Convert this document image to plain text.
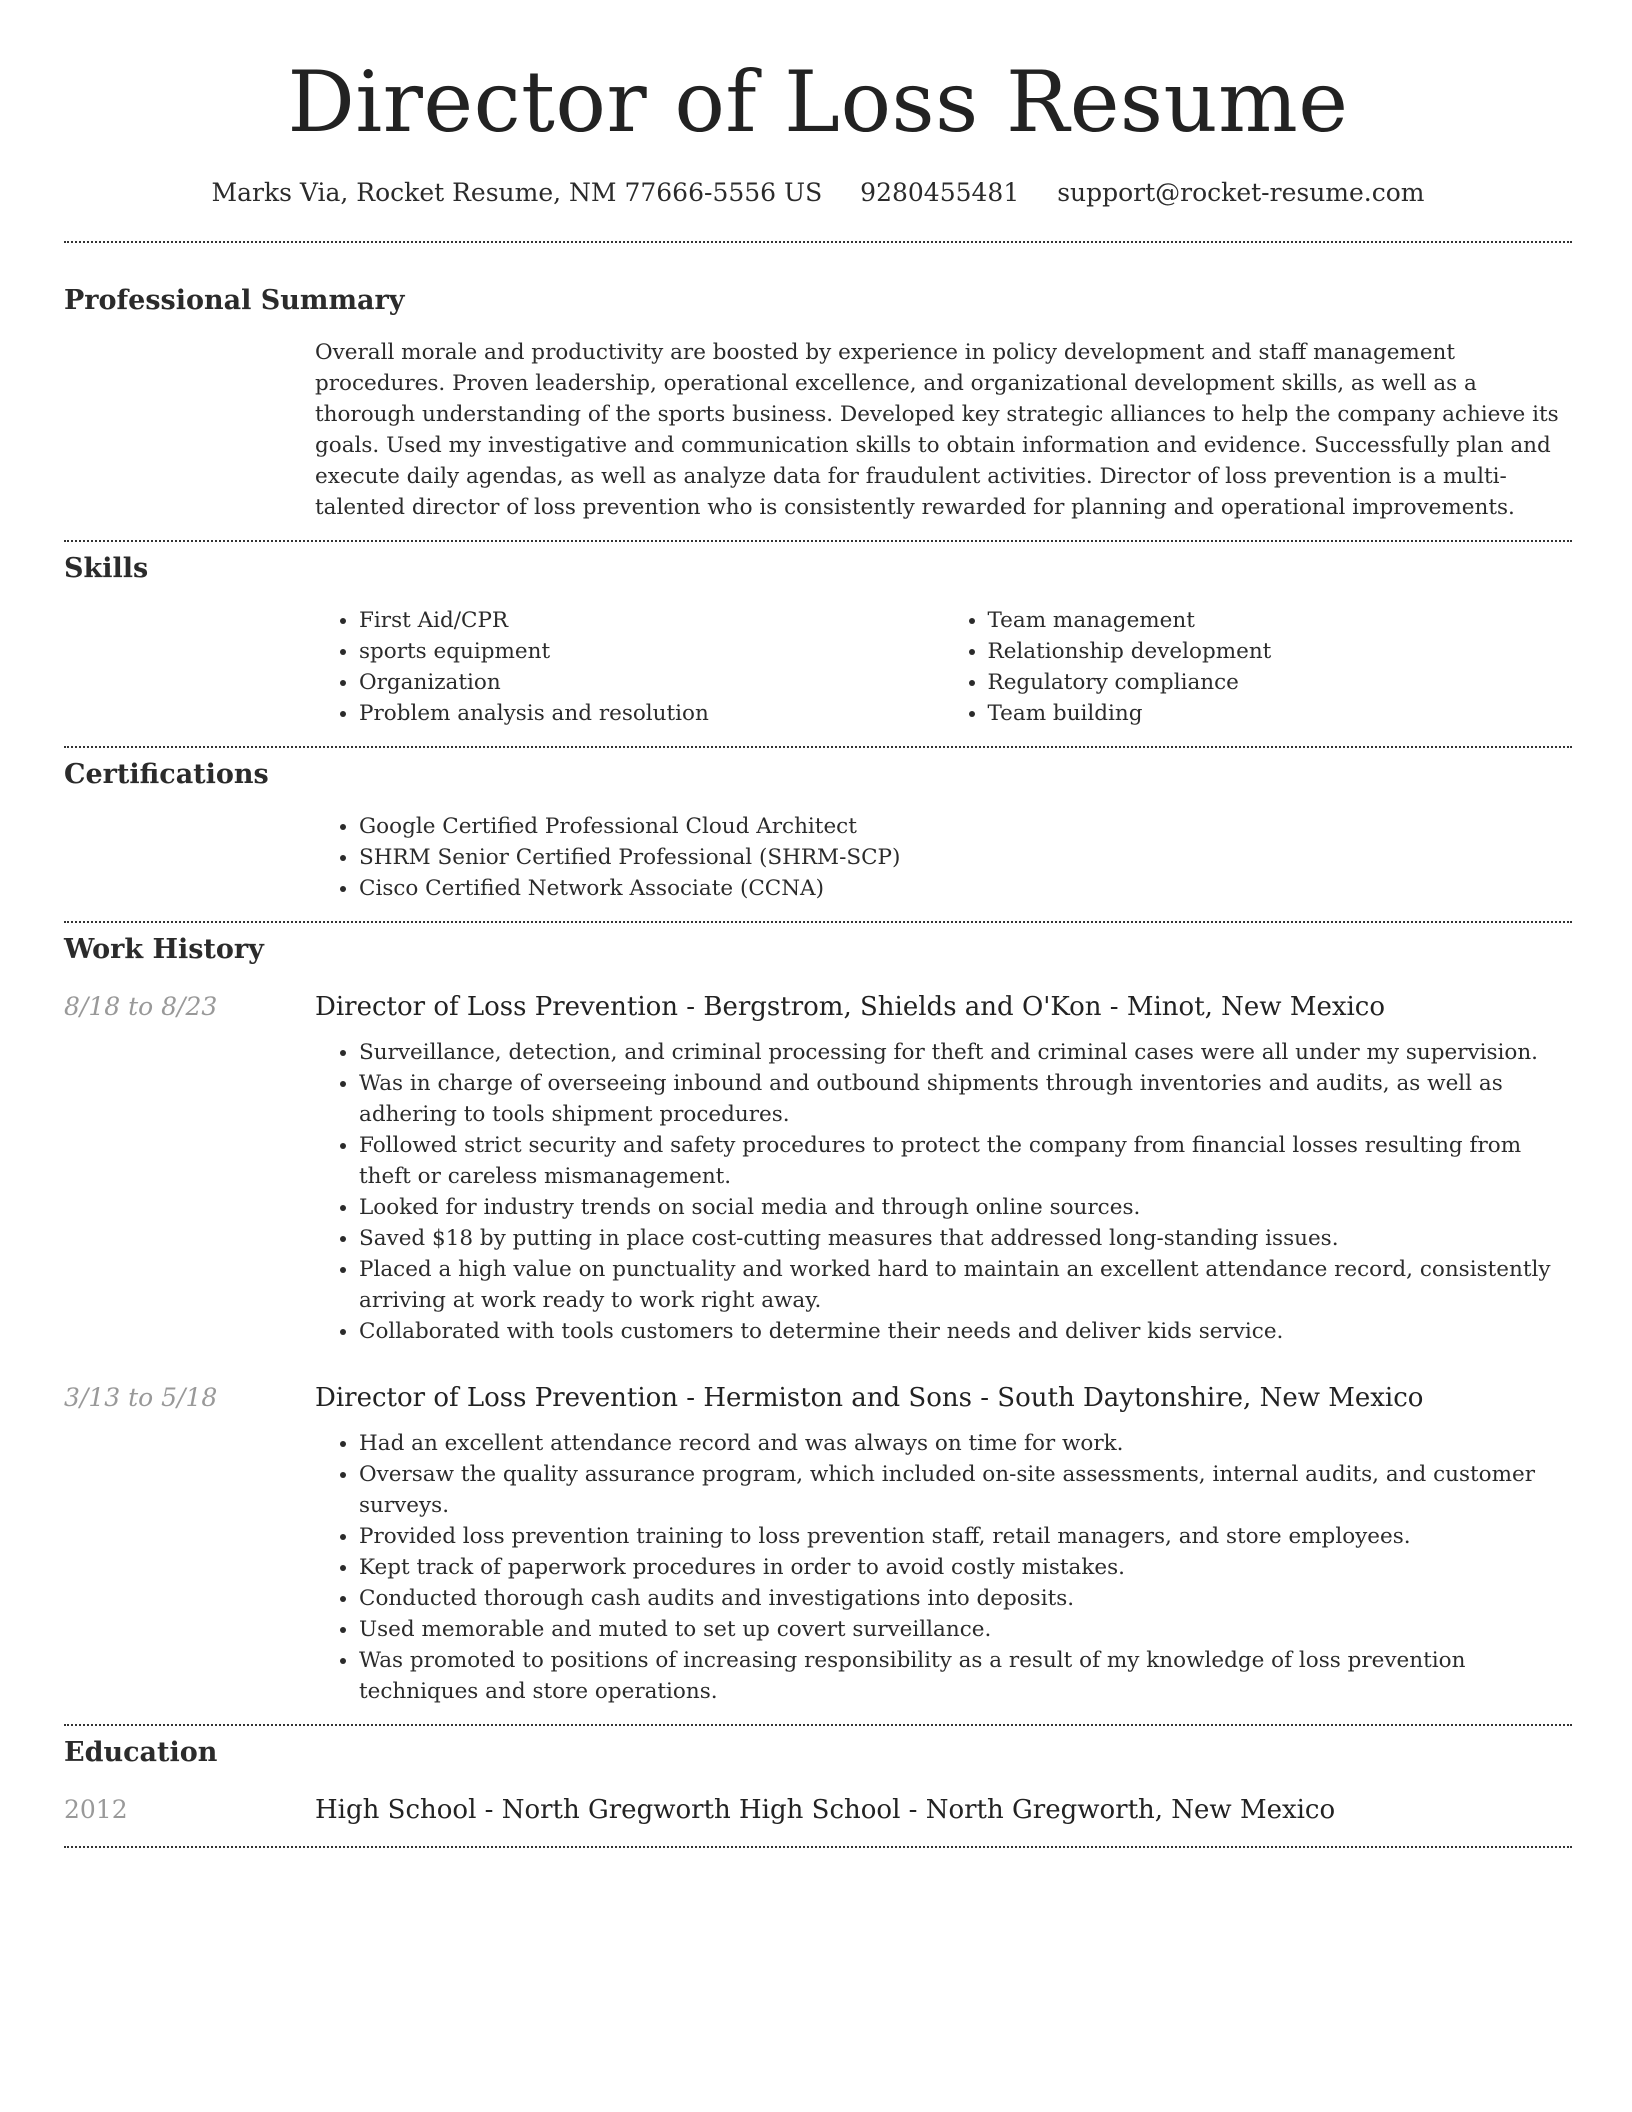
Director of Loss Resume
Marks Via, Rocket Resume, NM 77666-5556 US 9280455481 support@rocket-resume.com
Professional Summary
Overall morale and productivity are boosted by experience in policy development and staff management procedures. Proven leadership, operational excellence, and organizational development skills, as well as a thorough understanding of the sports business. Developed key strategic alliances to help the company achieve its goals. Used my investigative and communication skills to obtain information and evidence. Successfully plan and execute daily agendas, as well as analyze data for fraudulent activities. Director of loss prevention is a multi-talented director of loss prevention who is consistently rewarded for planning and operational improvements.
Skills
• First Aid/CPR
• sports equipment
• Organization
• Problem analysis and resolution
• Team management
• Relationship development
• Regulatory compliance
• Team building
Certifications
• Google Certified Professional Cloud Architect
• SHRM Senior Certified Professional (SHRM-SCP)
• Cisco Certified Network Associate (CCNA)
Work History
8/18 to 8/23	Director of Loss Prevention - Bergstrom, Shields and O'Kon - Minot, New Mexico
• Surveillance, detection, and criminal processing for theft and criminal cases were all under my supervision.
• Was in charge of overseeing inbound and outbound shipments through inventories and audits, as well as adhering to tools shipment procedures.
• Followed strict security and safety procedures to protect the company from financial losses resulting from theft or careless mismanagement.
• Looked for industry trends on social media and through online sources.
• Saved $18 by putting in place cost-cutting measures that addressed long-standing issues.
• Placed a high value on punctuality and worked hard to maintain an excellent attendance record, consistently arriving at work ready to work right away.
• Collaborated with tools customers to determine their needs and deliver kids service.
3/13 to 5/18	Director of Loss Prevention - Hermiston and Sons - South Daytonshire, New Mexico
• Had an excellent attendance record and was always on time for work.
• Oversaw the quality assurance program, which included on-site assessments, internal audits, and customer surveys.
• Provided loss prevention training to loss prevention staff, retail managers, and store employees.
• Kept track of paperwork procedures in order to avoid costly mistakes.
• Conducted thorough cash audits and investigations into deposits.
• Used memorable and muted to set up covert surveillance.
• Was promoted to positions of increasing responsibility as a result of my knowledge of loss prevention techniques and store operations.
Education
2012	High School - North Gregworth High School - North Gregworth, New Mexico
